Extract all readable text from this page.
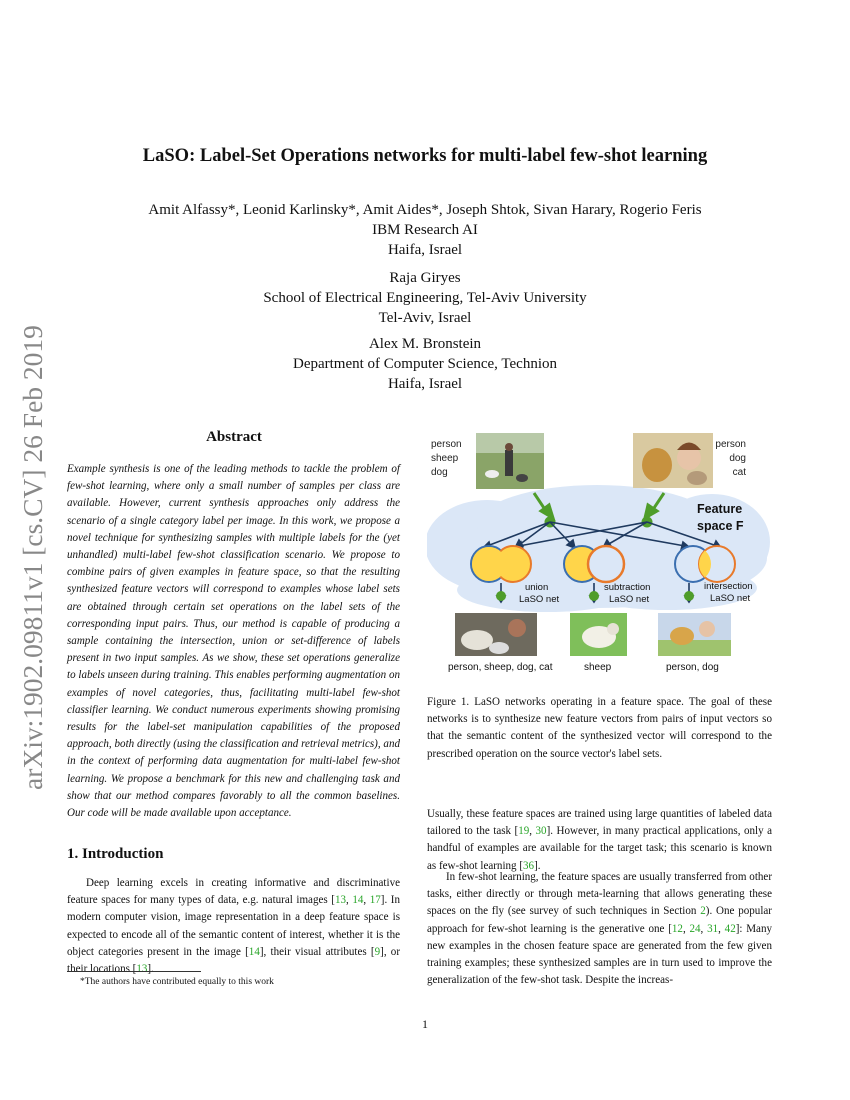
arXiv:1902.09811v1 [cs.CV] 26 Feb 2019
LaSO: Label-Set Operations networks for multi-label few-shot learning
Amit Alfassy*, Leonid Karlinsky*, Amit Aides*, Joseph Shtok, Sivan Harary, Rogerio Feris
IBM Research AI
Haifa, Israel
Raja Giryes
School of Electrical Engineering, Tel-Aviv University
Tel-Aviv, Israel
Alex M. Bronstein
Department of Computer Science, Technion
Haifa, Israel
Abstract
Example synthesis is one of the leading methods to tackle the problem of few-shot learning, where only a small number of samples per class are available. However, current synthesis approaches only address the scenario of a single category label per image. In this work, we propose a novel technique for synthesizing samples with multiple labels for the (yet unhandled) multi-label few-shot classification scenario. We propose to combine pairs of given examples in feature space, so that the resulting synthesized feature vectors will correspond to examples whose label sets are obtained through certain set operations on the label sets of the corresponding input pairs. Thus, our method is capable of producing a sample containing the intersection, union or set-difference of labels present in two input samples. As we show, these set operations generalize to labels unseen during training. This enables performing augmentation on examples of novel categories, thus, facilitating multi-label few-shot classifier learning. We conduct numerous experiments showing promising results for the label-set manipulation capabilities of the proposed approach, both directly (using the classification and retrieval metrics), and in the context of performing data augmentation for multi-label few-shot learning. We propose a benchmark for this new and challenging task and show that our method compares favorably to all the common baselines. Our code will be made available upon acceptance.
1. Introduction
Deep learning excels in creating informative and discriminative feature spaces for many types of data, e.g. natural images [13, 14, 17]. In modern computer vision, image representation in a deep feature space is expected to encode all of the semantic content of interest, whether it is the object categories present in the image [14], their visual attributes [9], or their locations [13].
*The authors have contributed equally to this work
person
sheep
dog
person
dog
cat
Feature
space F
union
LaSO net
subtraction
LaSO net
intersection
LaSO net
person, sheep, dog, cat	sheep	person, dog
Figure 1. LaSO networks operating in a feature space. The goal of these networks is to synthesize new feature vectors from pairs of input vectors so that the semantic content of the synthesized vector will correspond to the prescribed operation on the source vector's label sets.
Usually, these feature spaces are trained using large quantities of labeled data tailored to the task [19, 30]. However, in many practical applications, only a handful of examples are available for the target task; this scenario is known as few-shot learning [36].
In few-shot learning, the feature spaces are usually transferred from other tasks, either directly or through meta-learning that allows generating these spaces on the fly (see survey of such techniques in Section 2). One popular approach for few-shot learning is the generative one [12, 24, 31, 42]: Many new examples in the chosen feature space are generated from the few given training examples; these synthesized samples are in turn used to improve the generalization of the few-shot task. Despite the increas-
1
